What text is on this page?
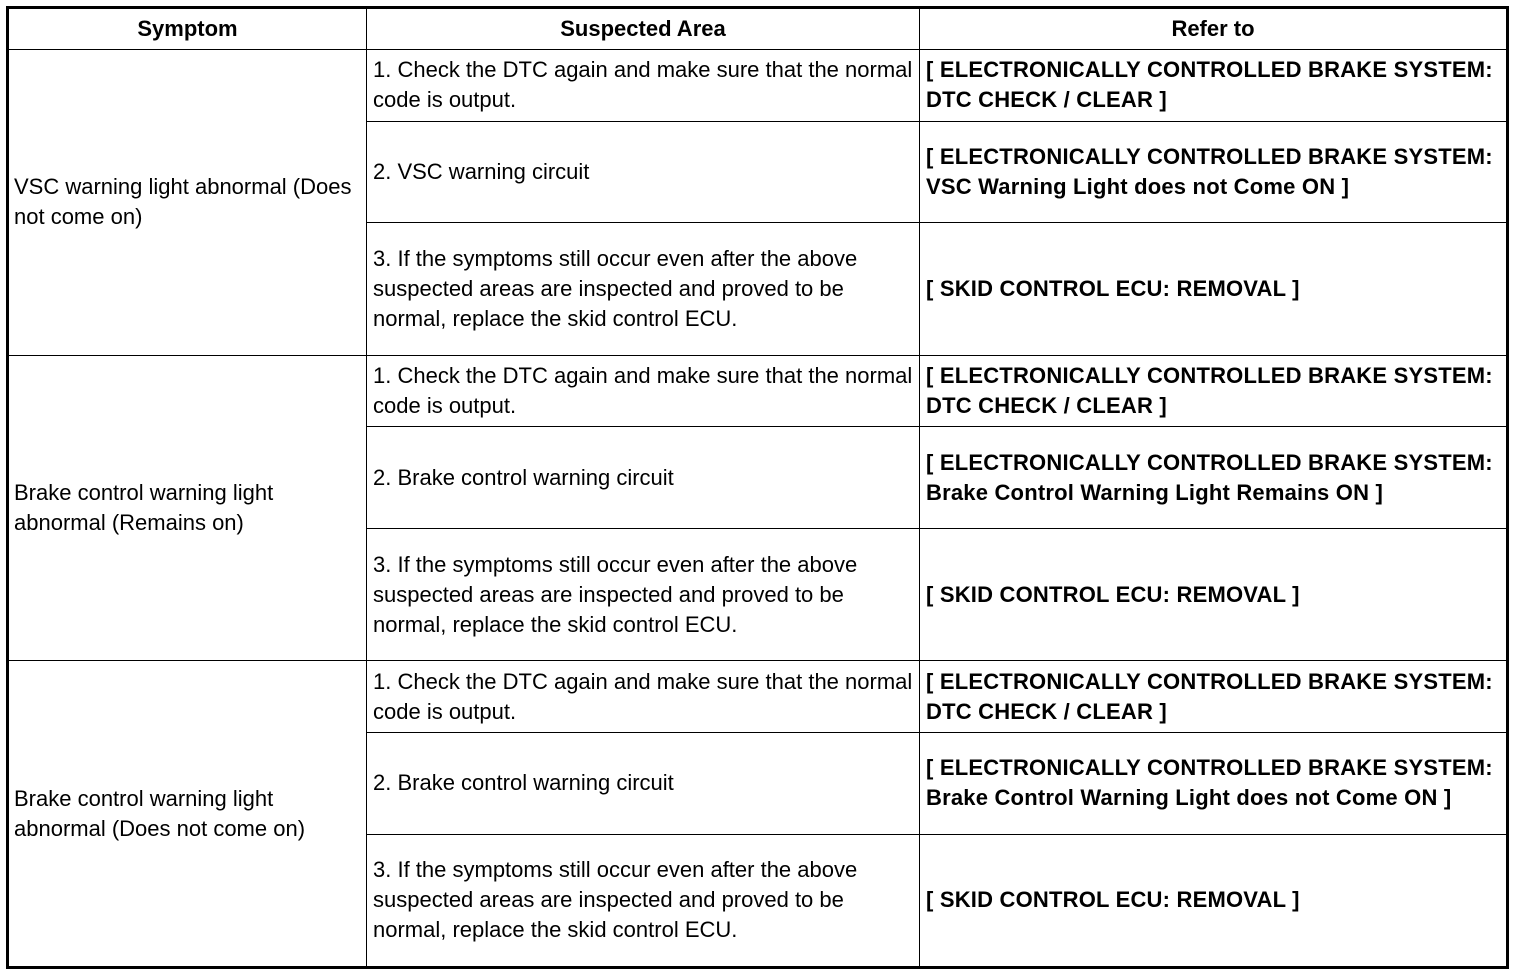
Symptom	Suspected Area	Refer to
VSC warning light abnormal (Does not come on)	1. Check the DTC again and make sure that the normal code is output.	[ ELECTRONICALLY CONTROLLED BRAKE SYSTEM: DTC CHECK / CLEAR ]
	2. VSC warning circuit	[ ELECTRONICALLY CONTROLLED BRAKE SYSTEM: VSC Warning Light does not Come ON ]
	3. If the symptoms still occur even after the above suspected areas are inspected and proved to be normal, replace the skid control ECU.	[ SKID CONTROL ECU: REMOVAL ]
Brake control warning light abnormal (Remains on)	1. Check the DTC again and make sure that the normal code is output.	[ ELECTRONICALLY CONTROLLED BRAKE SYSTEM: DTC CHECK / CLEAR ]
	2. Brake control warning circuit	[ ELECTRONICALLY CONTROLLED BRAKE SYSTEM: Brake Control Warning Light Remains ON ]
	3. If the symptoms still occur even after the above suspected areas are inspected and proved to be normal, replace the skid control ECU.	[ SKID CONTROL ECU: REMOVAL ]
Brake control warning light abnormal (Does not come on)	1. Check the DTC again and make sure that the normal code is output.	[ ELECTRONICALLY CONTROLLED BRAKE SYSTEM: DTC CHECK / CLEAR ]
	2. Brake control warning circuit	[ ELECTRONICALLY CONTROLLED BRAKE SYSTEM: Brake Control Warning Light does not Come ON ]
	3. If the symptoms still occur even after the above suspected areas are inspected and proved to be normal, replace the skid control ECU.	[ SKID CONTROL ECU: REMOVAL ]
